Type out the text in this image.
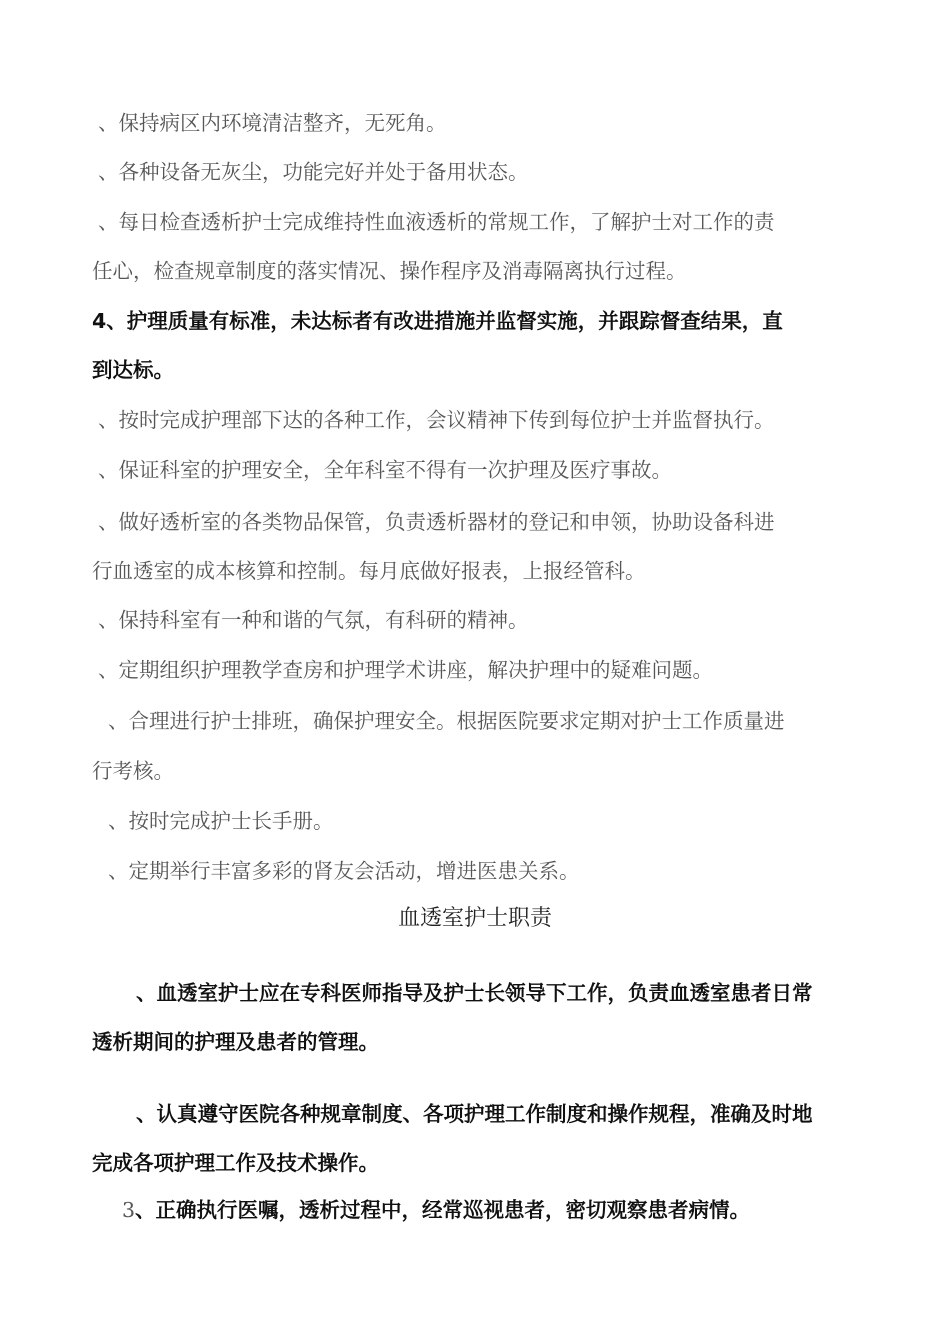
、保持病区内环境清洁整齐，无死角。

、各种设备无灰尘，功能完好并处于备用状态。

、每日检查透析护士完成维持性血液透析的常规工作，了解护士对工作的责

任心，检查规章制度的落实情况、操作程序及消毒隔离执行过程。

4、护理质量有标准，未达标者有改进措施并监督实施，并跟踪督查结果，直

到达标。

、按时完成护理部下达的各种工作，会议精神下传到每位护士并监督执行。

、保证科室的护理安全，全年科室不得有一次护理及医疗事故。

、做好透析室的各类物品保管，负责透析器材的登记和申领，协助设备科进

行血透室的成本核算和控制。每月底做好报表，上报经管科。

、保持科室有一种和谐的气氛，有科研的精神。

、定期组织护理教学查房和护理学术讲座，解决护理中的疑难问题。

、合理进行护士排班，确保护理安全。根据医院要求定期对护士工作质量进

行考核。

、按时完成护士长手册。

、定期举行丰富多彩的肾友会活动，增进医患关系。

血透室护士职责

、血透室护士应在专科医师指导及护士长领导下工作，负责血透室患者日常

透析期间的护理及患者的管理。

、认真遵守医院各种规章制度、各项护理工作制度和操作规程，准确及时地

完成各项护理工作及技术操作。

3、正确执行医嘱，透析过程中，经常巡视患者，密切观察患者病情。
